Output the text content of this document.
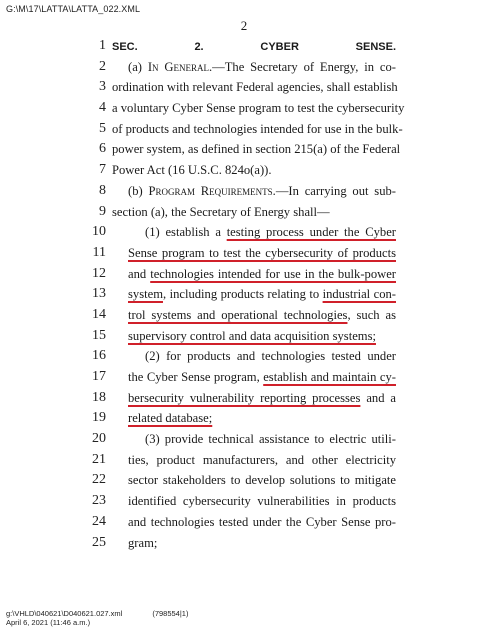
G:\M\17\LATTA\LATTA_022.XML
2
1 SEC. 2. CYBER SENSE.
2 (a) In General.—The Secretary of Energy, in co-
3 ordination with relevant Federal agencies, shall establish
4 a voluntary Cyber Sense program to test the cybersecurity
5 of products and technologies intended for use in the bulk-
6 power system, as defined in section 215(a) of the Federal
7 Power Act (16 U.S.C. 824o(a)).
8 (b) Program Requirements.—In carrying out sub-
9 section (a), the Secretary of Energy shall—
10	(1) establish a testing process under the Cyber
11 Sense program to test the cybersecurity of products
12 and technologies intended for use in the bulk-power
13 system, including products relating to industrial con-
14 trol systems and operational technologies, such as
15 supervisory control and data acquisition systems;
16	(2) for products and technologies tested under
17 the Cyber Sense program, establish and maintain cy-
18 bersecurity vulnerability reporting processes and a
19 related database;
20	(3) provide technical assistance to electric utili-
21 ties, product manufacturers, and other electricity
22 sector stakeholders to develop solutions to mitigate
23 identified cybersecurity vulnerabilities in products
24 and technologies tested under the Cyber Sense pro-
25 gram;
g:\VHLD\040621\D040621.027.xml	(798554|1)
April 6, 2021 (11:46 a.m.)
